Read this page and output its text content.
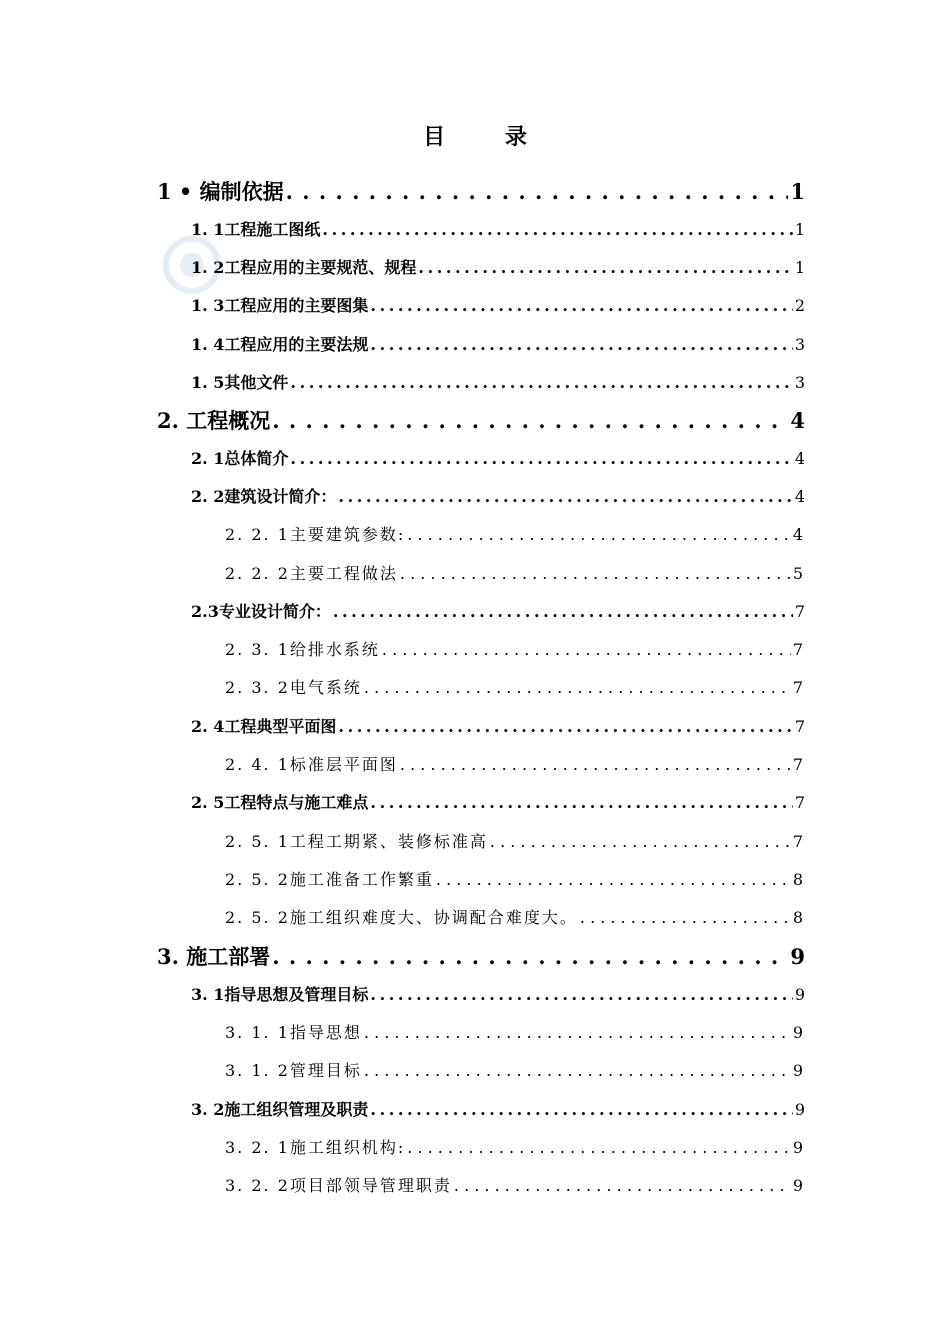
目 录
1 • 编制依据 . . .	1
1. 1工程施工图纸 . . .	1
1. 2工程应用的主要规范、规程 . . .	1
1. 3工程应用的主要图集 . . .	2
1. 4工程应用的主要法规 . . .	3
1. 5其他文件 . . .	3
2. 工程概况 . . .	4
2. 1总体简介 . . .	4
2. 2建筑设计简介： . . .	4
2. 2. 1主要建筑参数: . . .	4
2. 2. 2主要工程做法 . . .	5
2.3专业设计简介： . . .	7
2. 3. 1给排水系统 . . .	7
2. 3. 2电气系统 . . .	7
2. 4工程典型平面图 . . .	7
2. 4. 1标准层平面图 . . .	7
2. 5工程特点与施工难点 . . .	7
2. 5. 1工程工期紧、装修标准高 . . .	7
2. 5. 2施工准备工作繁重 . . .	8
2. 5. 2施工组织难度大、协调配合难度大。 . . .	8
3. 施工部署 . . .	9
3. 1指导思想及管理目标 . . .	9
3. 1. 1指导思想 . . .	9
3. 1. 2管理目标 . . .	9
3. 2施工组织管理及职责 . . .	9
3. 2. 1施工组织机构: . . .	9
3. 2. 2项目部领导管理职责 . . .	9
